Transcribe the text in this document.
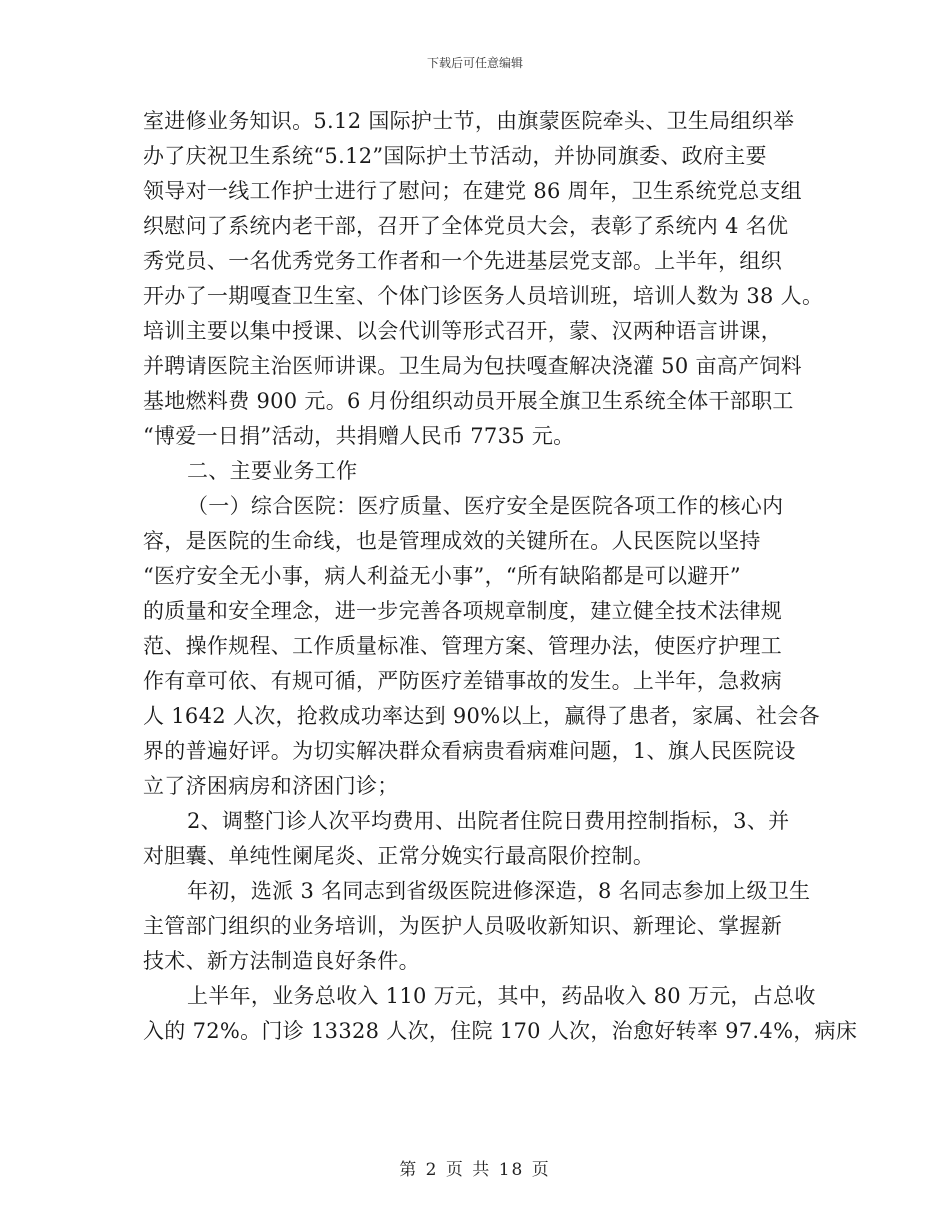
下载后可任意编辑
室进修业务知识。5.12 国际护士节，由旗蒙医院牵头、卫生局组织举
办了庆祝卫生系统“5.12”国际护土节活动，并协同旗委、政府主要
领导对一线工作护士进行了慰问；在建党 86 周年，卫生系统党总支组
织慰问了系统内老干部，召开了全体党员大会，表彰了系统内 4 名优
秀党员、一名优秀党务工作者和一个先进基层党支部。上半年，组织
开办了一期嘎查卫生室、个体门诊医务人员培训班，培训人数为 38 人。
培训主要以集中授课、以会代训等形式召开，蒙、汉两种语言讲课，
并聘请医院主治医师讲课。卫生局为包扶嘎查解决浇灌 50 亩高产饲料
基地燃料费 900 元。6 月份组织动员开展全旗卫生系统全体干部职工
“博爱一日捐”活动，共捐赠人民币 7735 元。
二、主要业务工作
（一）综合医院：医疗质量、医疗安全是医院各项工作的核心内
容，是医院的生命线，也是管理成效的关键所在。人民医院以坚持
“医疗安全无小事，病人利益无小事”，“所有缺陷都是可以避开”
的质量和安全理念，进一步完善各项规章制度，建立健全技术法律规
范、操作规程、工作质量标准、管理方案、管理办法，使医疗护理工
作有章可依、有规可循，严防医疗差错事故的发生。上半年，急救病
人 1642 人次，抢救成功率达到 90%以上，赢得了患者，家属、社会各
界的普遍好评。为切实解决群众看病贵看病难问题，1、旗人民医院设
立了济困病房和济困门诊；
2、调整门诊人次平均费用、出院者住院日费用控制指标，3、并
对胆囊、单纯性阑尾炎、正常分娩实行最高限价控制。
年初，选派 3 名同志到省级医院进修深造，8 名同志参加上级卫生
主管部门组织的业务培训，为医护人员吸收新知识、新理论、掌握新
技术、新方法制造良好条件。
上半年，业务总收入 110 万元，其中，药品收入 80 万元，占总收
入的 72%。门诊 13328 人次，住院 170 人次，治愈好转率 97.4%，病床
第 2 页 共 18 页
